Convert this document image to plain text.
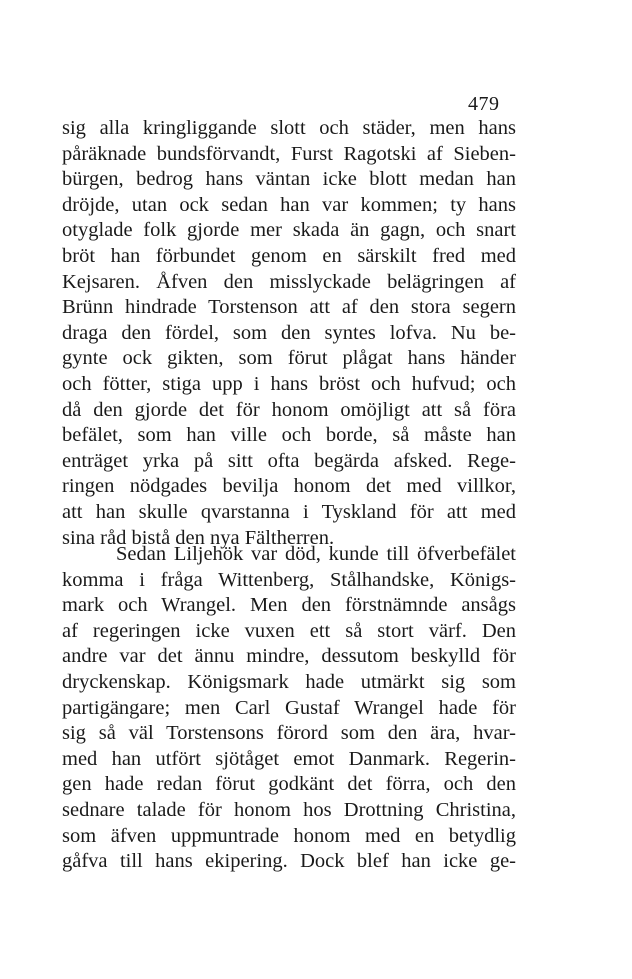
479
sig alla kringliggande slott och städer, men hans
påräknade bundsförvandt, Furst Ragotski af Sieben-
bürgen, bedrog hans väntan icke blott medan han
dröjde, utan ock sedan han var kommen; ty hans
otyglade folk gjorde mer skada än gagn, och snart
bröt han förbundet genom en särskilt fred med
Kejsaren. Åfven den misslyckade belägringen af
Brünn hindrade Torstenson att af den stora segern
draga den fördel, som den syntes lofva. Nu be-
gynte ock gikten, som förut plågat hans händer
och fötter, stiga upp i hans bröst och hufvud; och
då den gjorde det för honom omöjligt att så föra
befälet, som han ville och borde, så måste han
enträget yrka på sitt ofta begärda afsked. Rege-
ringen nödgades bevilja honom det med villkor,
att han skulle qvarstanna i Tyskland för att med
sina råd bistå den nya Fältherren.
Sedan Liljehök var död, kunde till öfverbefälet
komma i fråga Wittenberg, Stålhandske, Königs-
mark och Wrangel. Men den förstnämnde ansågs
af regeringen icke vuxen ett så stort värf. Den
andre var det ännu mindre, dessutom beskylld för
dryckenskap. Königsmark hade utmärkt sig som
partigängare; men Carl Gustaf Wrangel hade för
sig så väl Torstensons förord som den ära, hvar-
med han utfört sjötåget emot Danmark. Regerin-
gen hade redan förut godkänt det förra, och den
sednare talade för honom hos Drottning Christina,
som äfven uppmuntrade honom med en betydlig
gåfva till hans ekipering. Dock blef han icke ge-
